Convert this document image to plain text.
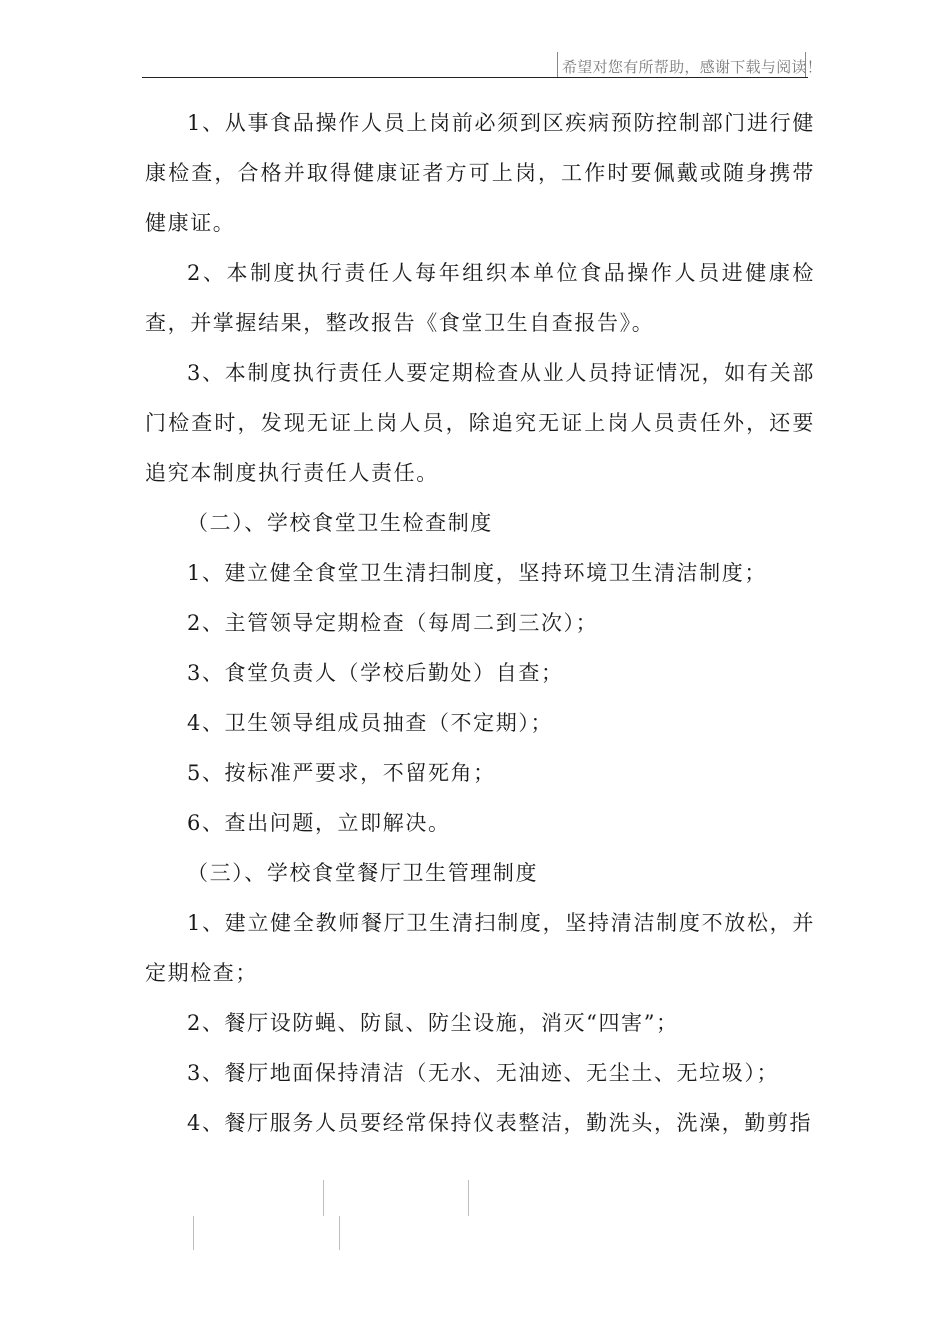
希望对您有所帮助，感谢下载与阅读！

1、从事食品操作人员上岗前必须到区疾病预防控制部门进行健康检查，合格并取得健康证者方可上岗，工作时要佩戴或随身携带健康证。

2、本制度执行责任人每年组织本单位食品操作人员进健康检查，并掌握结果，整改报告《食堂卫生自查报告》。

3、本制度执行责任人要定期检查从业人员持证情况，如有关部门检查时，发现无证上岗人员，除追究无证上岗人员责任外，还要追究本制度执行责任人责任。

（二）、学校食堂卫生检查制度

1、建立健全食堂卫生清扫制度，坚持环境卫生清洁制度；

2、主管领导定期检查（每周二到三次）；

3、食堂负责人（学校后勤处）自查；

4、卫生领导组成员抽查（不定期）；

5、按标准严要求，不留死角；

6、查出问题，立即解决。

（三）、学校食堂餐厅卫生管理制度

1、建立健全教师餐厅卫生清扫制度，坚持清洁制度不放松，并定期检查；

2、餐厅设防蝇、防鼠、防尘设施，消灭“四害”；

3、餐厅地面保持清洁（无水、无油迹、无尘土、无垃圾）；

4、餐厅服务人员要经常保持仪表整洁，勤洗头，洗澡，勤剪指
